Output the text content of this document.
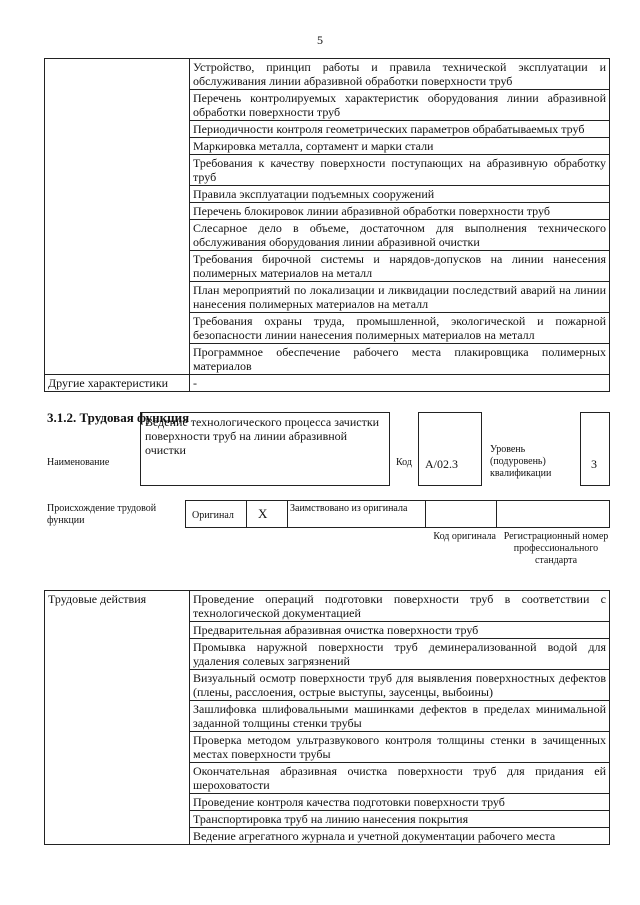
5
	Устройство, принцип работы и правила технической эксплуатации и обслуживания линии абразивной обработки поверхности труб
	Перечень контролируемых характеристик оборудования линии абразивной обработки поверхности труб
	Периодичности контроля геометрических параметров обрабатываемых труб
	Маркировка металла, сортамент и марки стали
	Требования к качеству поверхности поступающих на абразивную обработку труб
	Правила эксплуатации подъемных сооружений
	Перечень блокировок линии абразивной обработки поверхности труб
	Слесарное дело в объеме, достаточном для выполнения технического обслуживания оборудования линии абразивной очистки
	Требования бирочной системы и нарядов-допусков на линии нанесения полимерных материалов на металл
	План мероприятий по локализации и ликвидации последствий аварий на линии нанесения полимерных материалов на металл
	Требования охраны труда, промышленной, экологической и пожарной безопасности линии нанесения полимерных материалов на металл
	Программное обеспечение рабочего места плакировщика полимерных материалов
Другие характеристики	-
3.1.2. Трудовая функция
Наименование
Ведение технологического процесса зачистки поверхности труб на линии абразивной очистки
Код A/02.3
Уровень (подуровень) квалификации
3
Происхождение трудовой функции	Оригинал X Заимствовано из оригинала
Код оригинала Регистрационный номер профессионального стандарта
Трудовые действия	Проведение операций подготовки поверхности труб в соответствии с технологической документацией
Предварительная абразивная очистка поверхности труб
Промывка наружной поверхности труб деминерализованной водой для удаления солевых загрязнений
Визуальный осмотр поверхности труб для выявления поверхностных дефектов (плены, расслоения, острые выступы, заусенцы, выбоины)
Зашлифовка шлифовальными машинками дефектов в пределах минимальной заданной толщины стенки трубы
Проверка методом ультразвукового контроля толщины стенки в зачищенных местах поверхности трубы
Окончательная абразивная очистка поверхности труб для придания ей шероховатости
Проведение контроля качества подготовки поверхности труб
Транспортировка труб на линию нанесения покрытия
Ведение агрегатного журнала и учетной документации рабочего места
